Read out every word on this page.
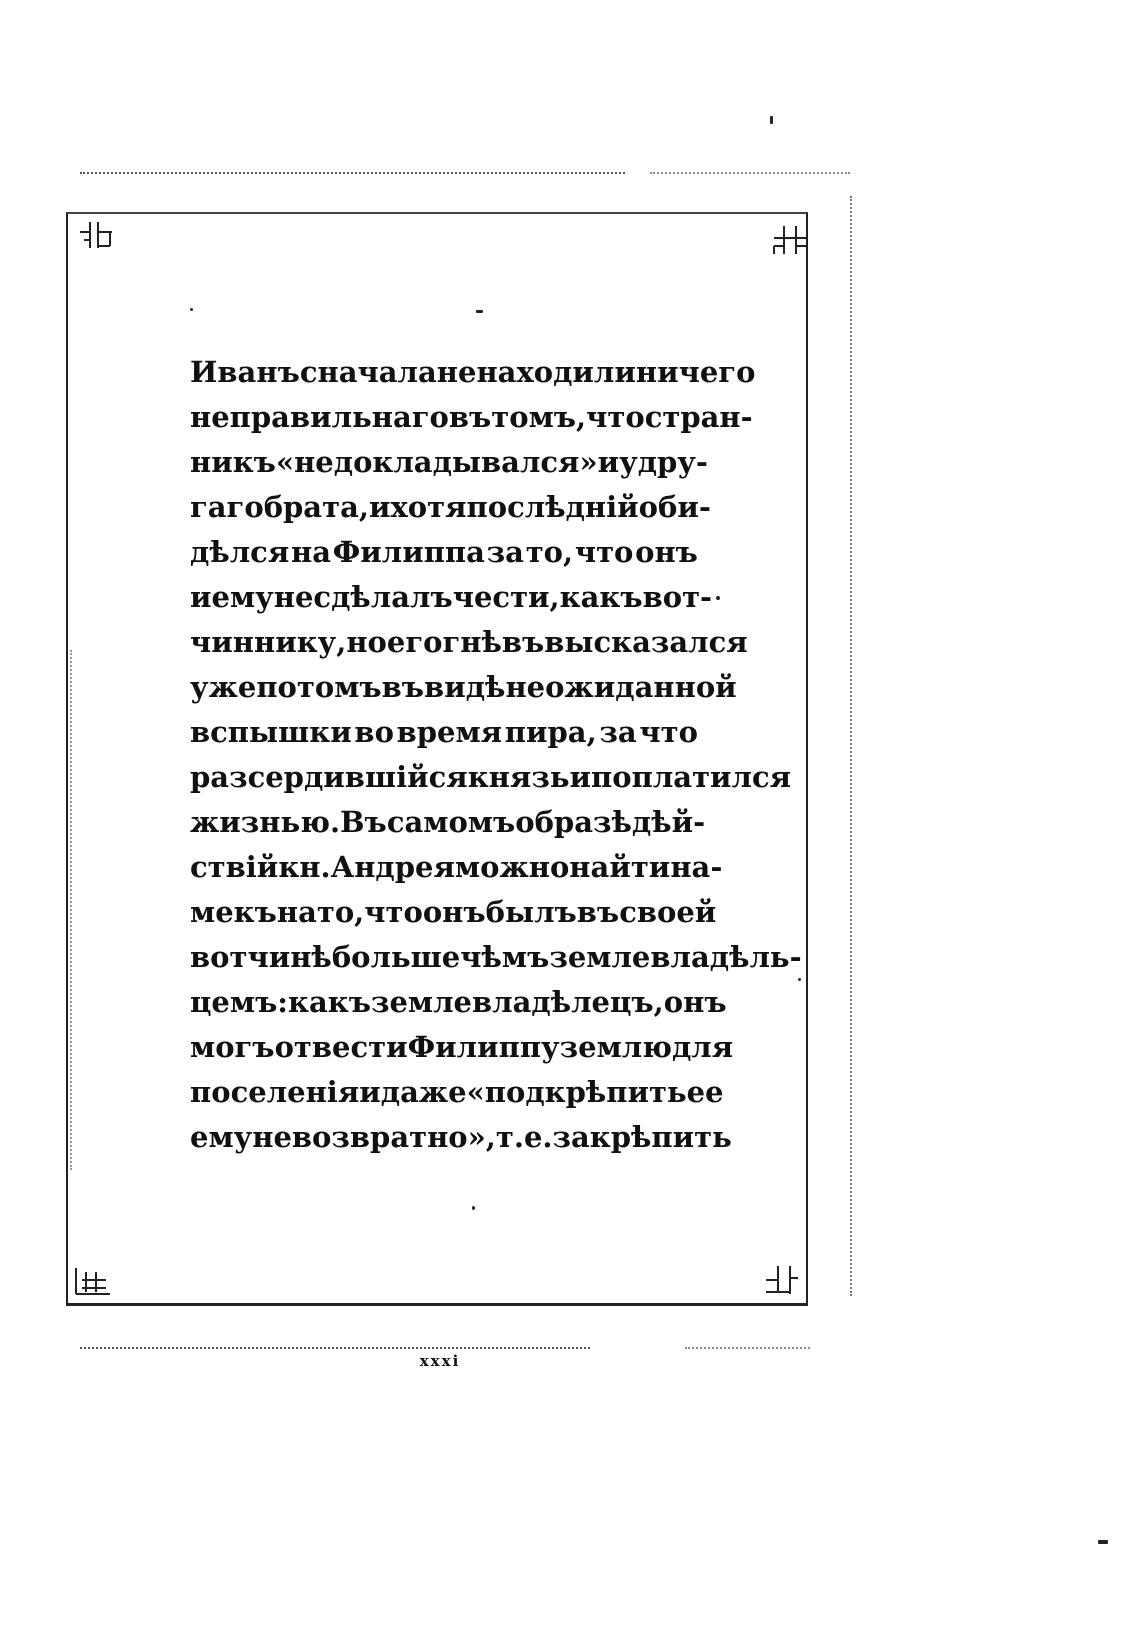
Иванъ сначала не находили ничего
неправильнаго въ томъ, что стран-
никъ «не докладывался» и у дру-
гаго брата, и хотя послѣдній оби-
дѣлся на Филиппа за то, что онъ
и ему не сдѣлалъ чести, какъ вот-
чиннику, но его гнѣвъ высказался
уже потомъ въ видѣ неожиданной
вспышки во время пира, за что
разсердившійся князь и поплатился
жизнью. Въ самомъ образѣ дѣй-
ствій кн. Андрея можно найти на-
мекъ на то, что онъ былъ въ своей
вотчинѣ больше чѣмъ землевладѣль-
цемъ: какъ землевладѣлецъ, онъ
могъ отвести Филиппу землю для
поселенія и даже «подкрѣпить ее
ему невозвратно», т. е. закрѣпить
xxxi
